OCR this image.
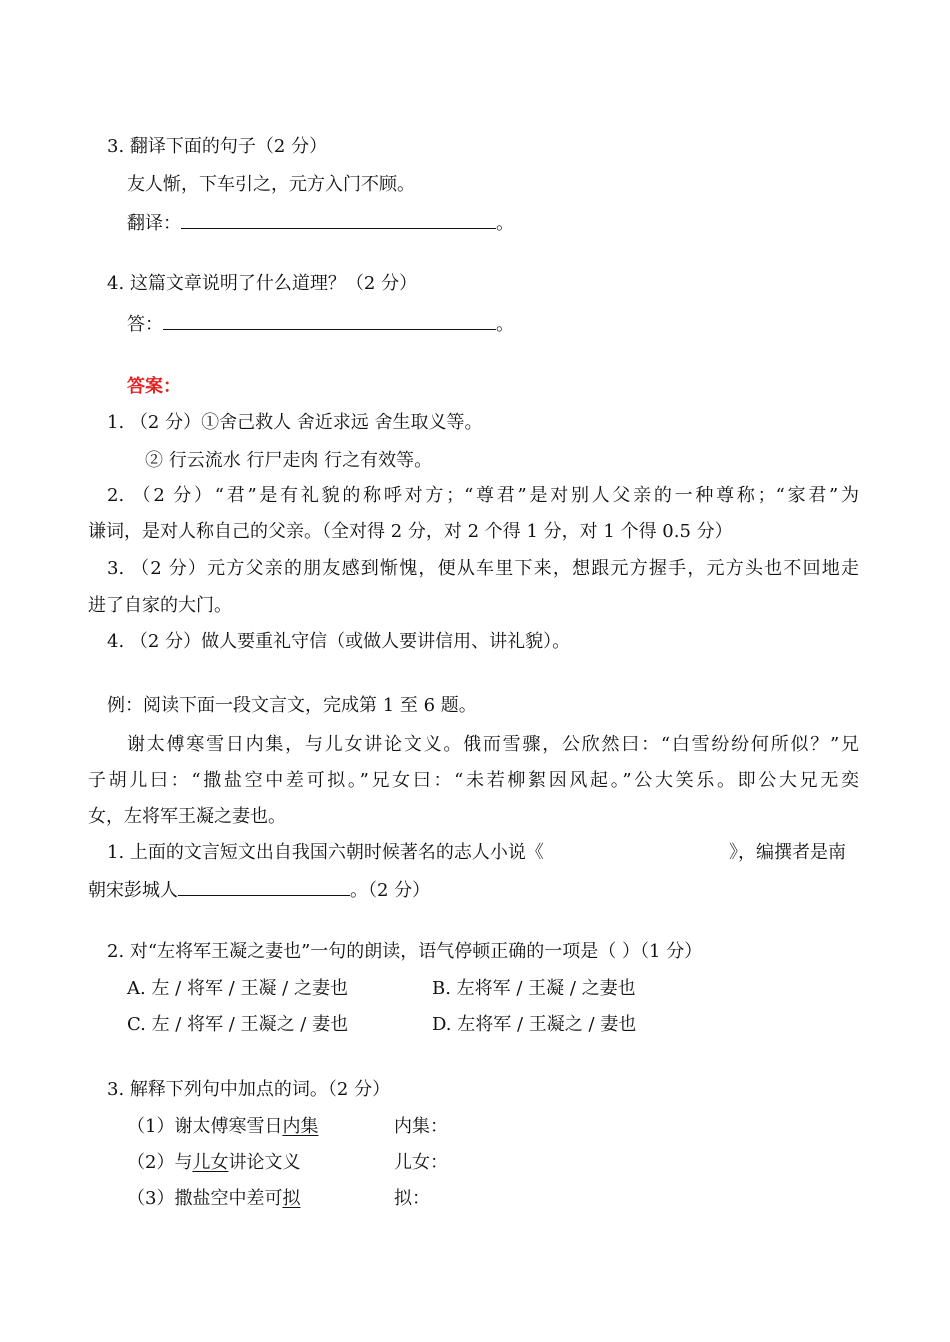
3. 翻译下面的句子（2 分）
友人惭，下车引之，元方入门不顾。
翻译：	。
4. 这篇文章说明了什么道理？（2 分）
答：	。
答案：
1. （2 分）①舍己救人 舍近求远 舍生取义等。
② 行云流水 行尸走肉 行之有效等。
2. （2 分）“君”是有礼貌的称呼对方；“尊君”是对别人父亲的一种尊称；“家君”为
谦词，是对人称自己的父亲。（全对得 2 分，对 2 个得 1 分，对 1 个得 0.5 分）
3. （2 分）元方父亲的朋友感到惭愧，便从车里下来，想跟元方握手，元方头也不回地走
进了自家的大门。
4. （2 分）做人要重礼守信（或做人要讲信用、讲礼貌）。
例：阅读下面一段文言文，完成第 1 至 6 题。
谢太傅寒雪日内集，与儿女讲论文义。俄而雪骤，公欣然曰：“白雪纷纷何所似？”兄
子胡儿曰：“撒盐空中差可拟。”兄女曰：“未若柳絮因风起。”公大笑乐。即公大兄无奕
女，左将军王凝之妻也。
1. 上面的文言短文出自我国六朝时候著名的志人小说《	》，编撰者是南
朝宋彭城人	。（2 分）
2. 对“左将军王凝之妻也”一句的朗读，语气停顿正确的一项是（ ）（1 分）
A. 左 / 将军 / 王凝 / 之妻也	B. 左将军 / 王凝 / 之妻也
C. 左 / 将军 / 王凝之 / 妻也	D. 左将军 / 王凝之 / 妻也
3. 解释下列句中加点的词。（2 分）
（1）谢太傅寒雪日内集	内集：
（2）与儿女讲论文义	儿女：
（3）撒盐空中差可拟	拟：
